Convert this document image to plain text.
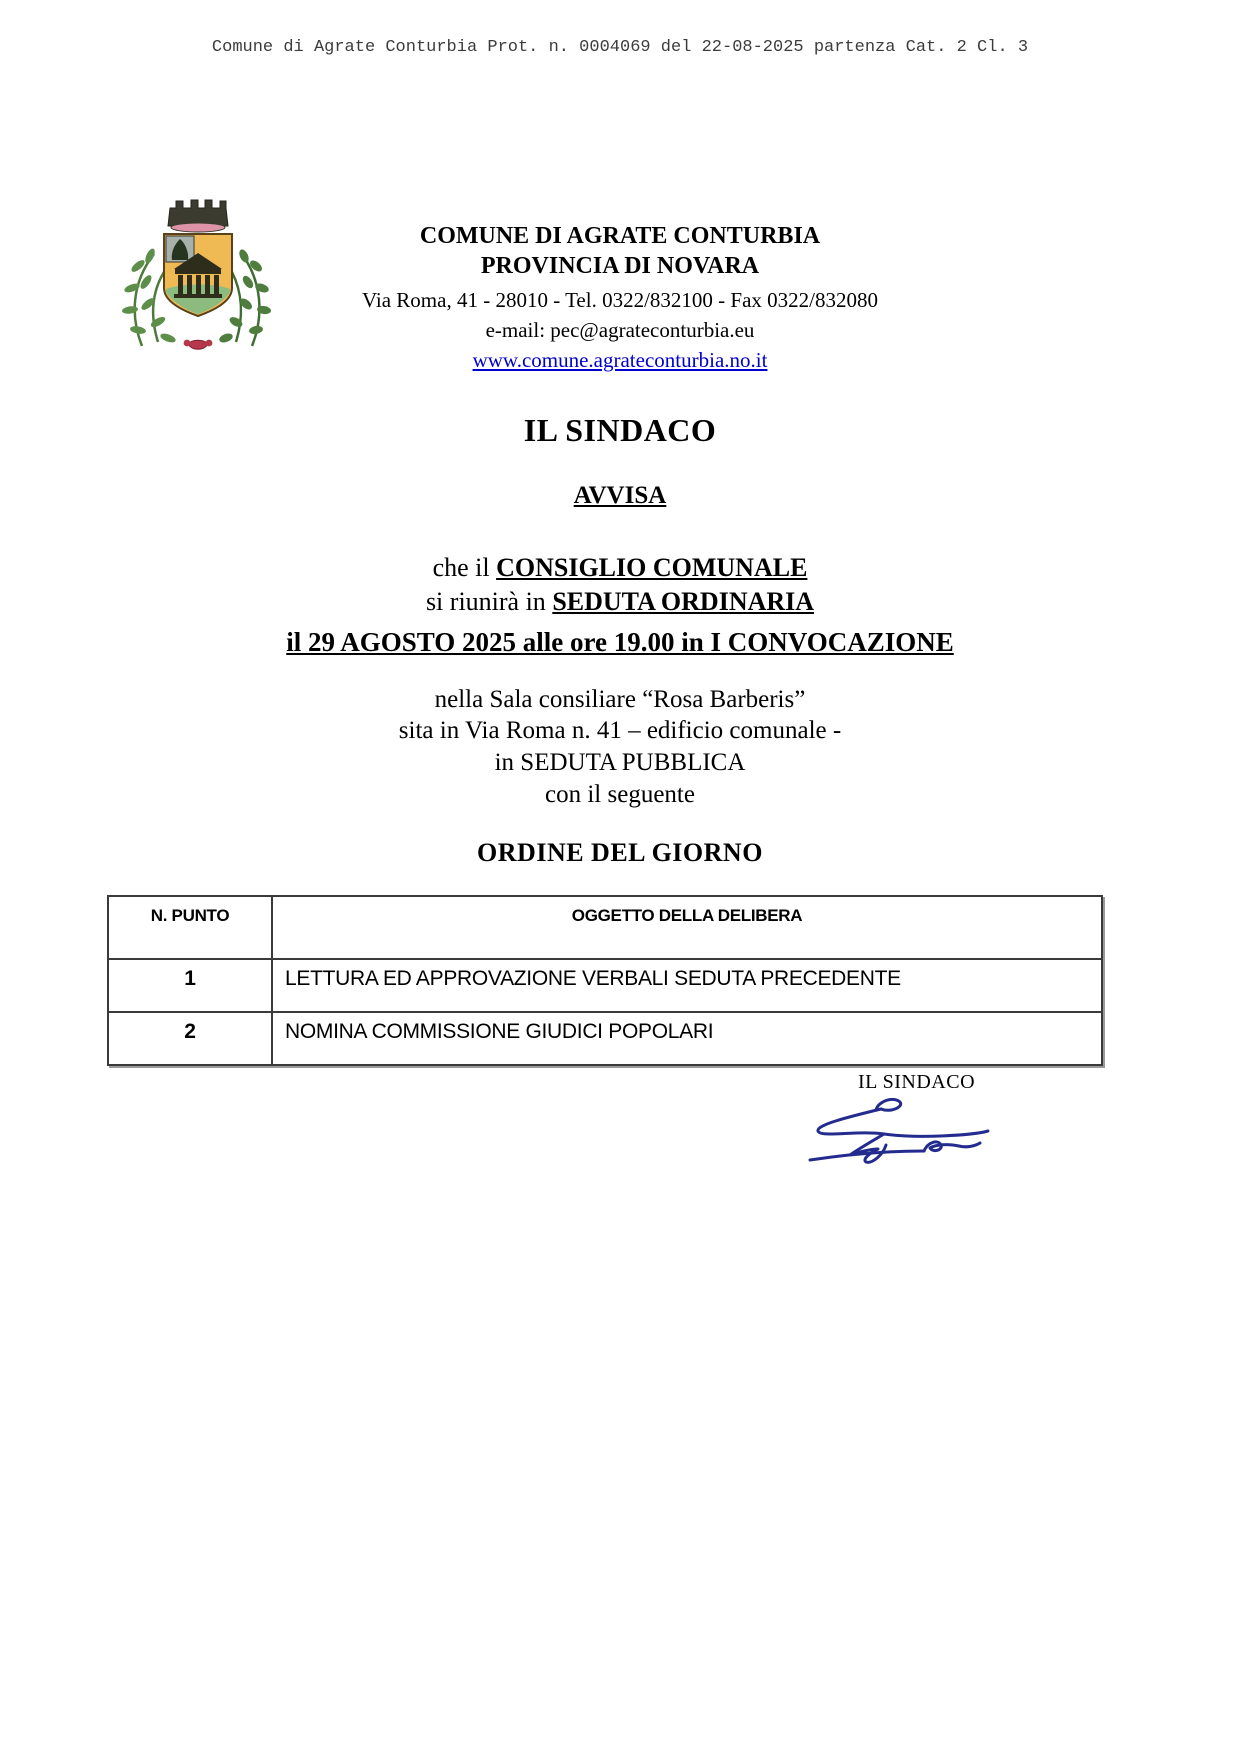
Comune di Agrate Conturbia Prot. n. 0004069 del 22-08-2025 partenza Cat. 2 Cl. 3
COMUNE DI AGRATE CONTURBIA
PROVINCIA DI NOVARA
Via Roma, 41 - 28010 - Tel. 0322/832100 - Fax 0322/832080
e-mail: pec@agrateconturbia.eu
www.comune.agrateconturbia.no.it
IL SINDACO
AVVISA
che il CONSIGLIO COMUNALE
si riunirà in SEDUTA ORDINARIA
il 29 AGOSTO 2025 alle ore 19.00 in I CONVOCAZIONE
nella Sala consiliare “Rosa Barberis”
sita in Via Roma n. 41 – edificio comunale -
in SEDUTA PUBBLICA
con il seguente
ORDINE DEL GIORNO
N. PUNTO	OGGETTO DELLA DELIBERA
1	LETTURA ED APPROVAZIONE VERBALI SEDUTA PRECEDENTE
2	NOMINA COMMISSIONE GIUDICI POPOLARI
IL SINDACO
